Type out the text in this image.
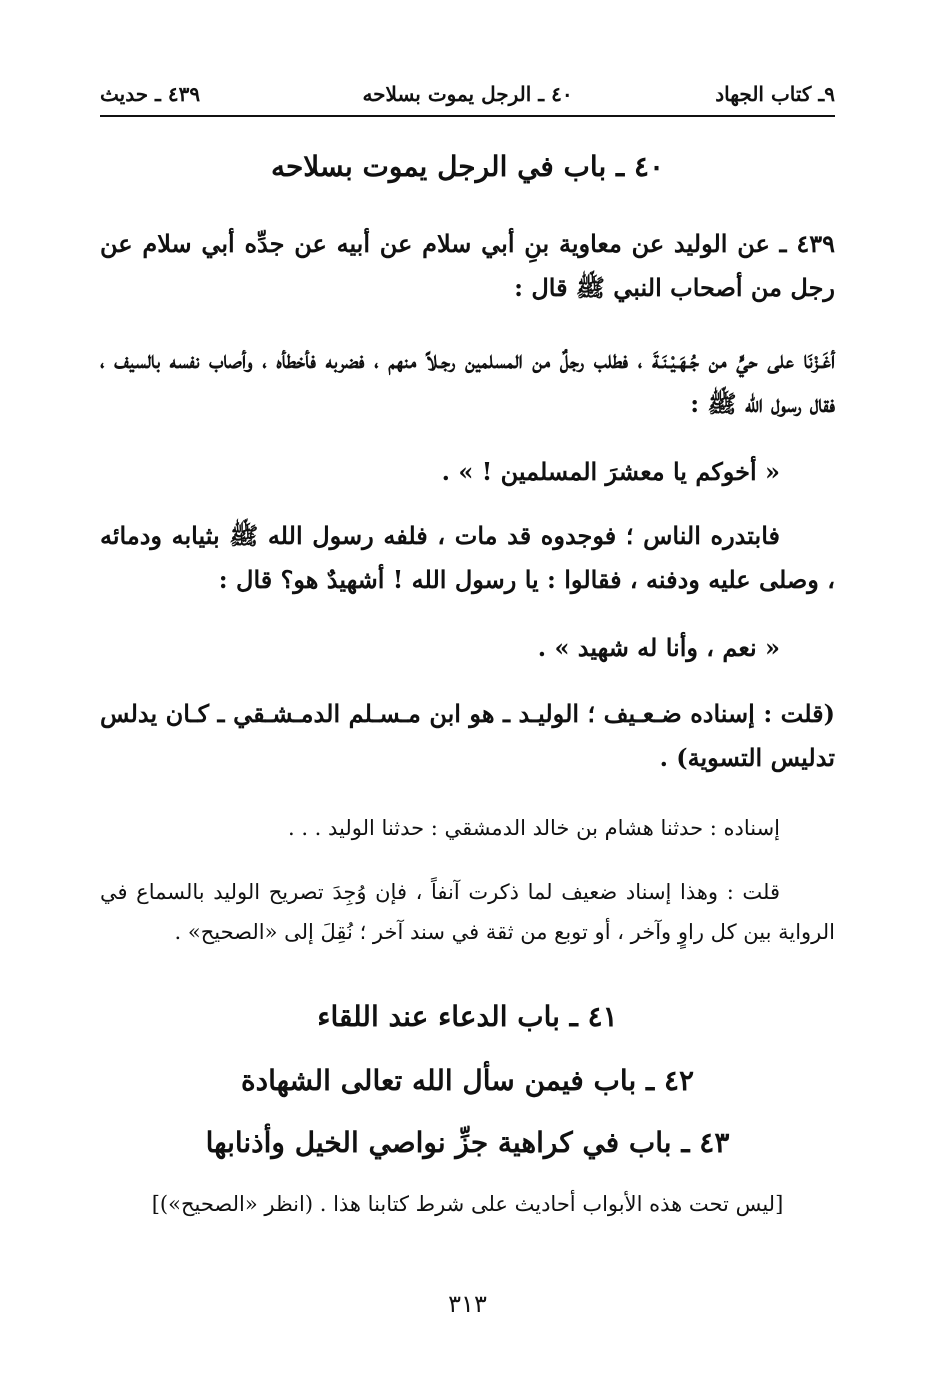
٩ـ كتاب الجهاد
٤٠ ـ الرجل يموت بسلاحه
٤٣٩ ـ حديث
٤٠ ـ باب في الرجل يموت بسلاحه
٤٣٩ ـ عن الوليد عن معاوية بنِ أبي سلام عن أبيه عن جدِّه أبي سلام عن رجل من أصحاب النبي ﷺ قال :
أغَـزْنَا على حيٍّ من جُـهَـيْـنَـةَ ، فطلب رجلٌ من المسلمين رجـلاً منهم ، فضربه فأخطأه ، وأصاب نفسه بالسيف ، فقال رسول الله ﷺ :
« أخوكم يا معشرَ المسلمين ! » .
فابتدره الناس ؛ فوجدوه قد مات ، فلفه رسول الله ﷺ بثيابه ودمائه ، وصلى عليه ودفنه ، فقالوا : يا رسول الله ! أشهيدٌ هو؟ قال :
« نعم ، وأنا له شهيد » .
(قلت : إسناده ضـعـيف ؛ الوليـد ـ هو ابن مـسـلم الدمـشـقي ـ كـان يدلس تدليس التسوية) .
إسناده : حدثنا هشام بن خالد الدمشقي : حدثنا الوليد . . .
قلت : وهذا إسناد ضعيف لما ذكرت آنفاً ، فإن وُجِدَ تصريح الوليد بالسماع في الرواية بين كل راوٍ وآخر ، أو توبع من ثقة في سند آخر ؛ نُقِلَ إلى «الصحيح» .
٤١ ـ باب الدعاء عند اللقاء
٤٢ ـ باب فيمن سأل الله تعالى الشهادة
٤٣ ـ باب في كراهية جزِّ نواصي الخيل وأذنابها
[ليس تحت هذه الأبواب أحاديث على شرط كتابنا هذا . (انظر «الصحيح»)]
٣١٣
